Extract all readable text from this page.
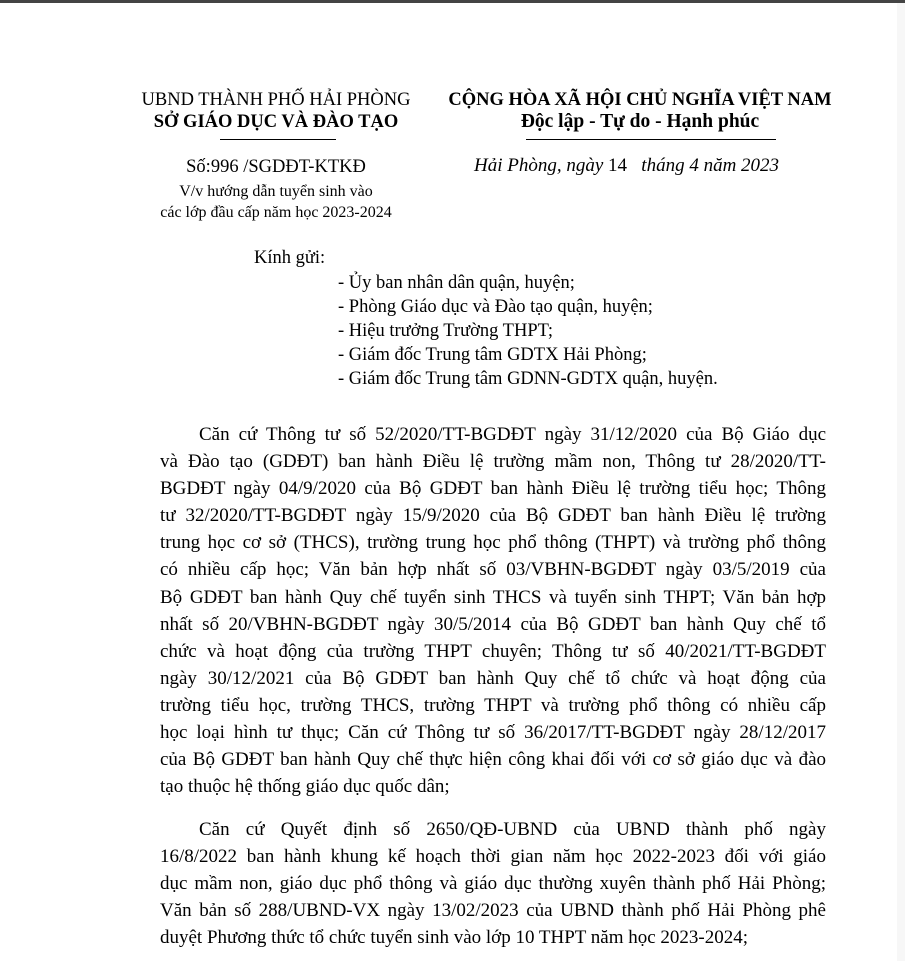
UBND THÀNH PHỐ HẢI PHÒNG
SỞ GIÁO DỤC VÀ ĐÀO TẠO
CỘNG HÒA XÃ HỘI CHỦ NGHĨA VIỆT NAM
Độc lập - Tự do - Hạnh phúc
Số:996 /SGDĐT-KTKĐ
V/v hướng dẫn tuyển sinh vào
các lớp đầu cấp năm học 2023-2024
Hải Phòng, ngày 14 tháng 4 năm 2023
Kính gửi:
- Ủy ban nhân dân quận, huyện;
- Phòng Giáo dục và Đào tạo quận, huyện;
- Hiệu trưởng Trường THPT;
- Giám đốc Trung tâm GDTX Hải Phòng;
- Giám đốc Trung tâm GDNN-GDTX quận, huyện.
Căn cứ Thông tư số 52/2020/TT-BGDĐT ngày 31/12/2020 của Bộ Giáo dục
và Đào tạo (GDĐT) ban hành Điều lệ trường mầm non, Thông tư 28/2020/TT-
BGDĐT ngày 04/9/2020 của Bộ GDĐT ban hành Điều lệ trường tiểu học; Thông
tư 32/2020/TT-BGDĐT ngày 15/9/2020 của Bộ GDĐT ban hành Điều lệ trường
trung học cơ sở (THCS), trường trung học phổ thông (THPT) và trường phổ thông
có nhiều cấp học; Văn bản hợp nhất số 03/VBHN-BGDĐT ngày 03/5/2019 của
Bộ GDĐT ban hành Quy chế tuyển sinh THCS và tuyển sinh THPT; Văn bản hợp
nhất số 20/VBHN-BGDĐT ngày 30/5/2014 của Bộ GDĐT ban hành Quy chế tổ
chức và hoạt động của trường THPT chuyên; Thông tư số 40/2021/TT-BGDĐT
ngày 30/12/2021 của Bộ GDĐT ban hành Quy chế tổ chức và hoạt động của
trường tiểu học, trường THCS, trường THPT và trường phổ thông có nhiều cấp
học loại hình tư thục; Căn cứ Thông tư số 36/2017/TT-BGDĐT ngày 28/12/2017
của Bộ GDĐT ban hành Quy chế thực hiện công khai đối với cơ sở giáo dục và đào
tạo thuộc hệ thống giáo dục quốc dân;
Căn cứ Quyết định số 2650/QĐ-UBND của UBND thành phố ngày
16/8/2022 ban hành khung kế hoạch thời gian năm học 2022-2023 đối với giáo
dục mầm non, giáo dục phổ thông và giáo dục thường xuyên thành phố Hải Phòng;
Văn bản số 288/UBND-VX ngày 13/02/2023 của UBND thành phố Hải Phòng phê
duyệt Phương thức tổ chức tuyển sinh vào lớp 10 THPT năm học 2023-2024;
